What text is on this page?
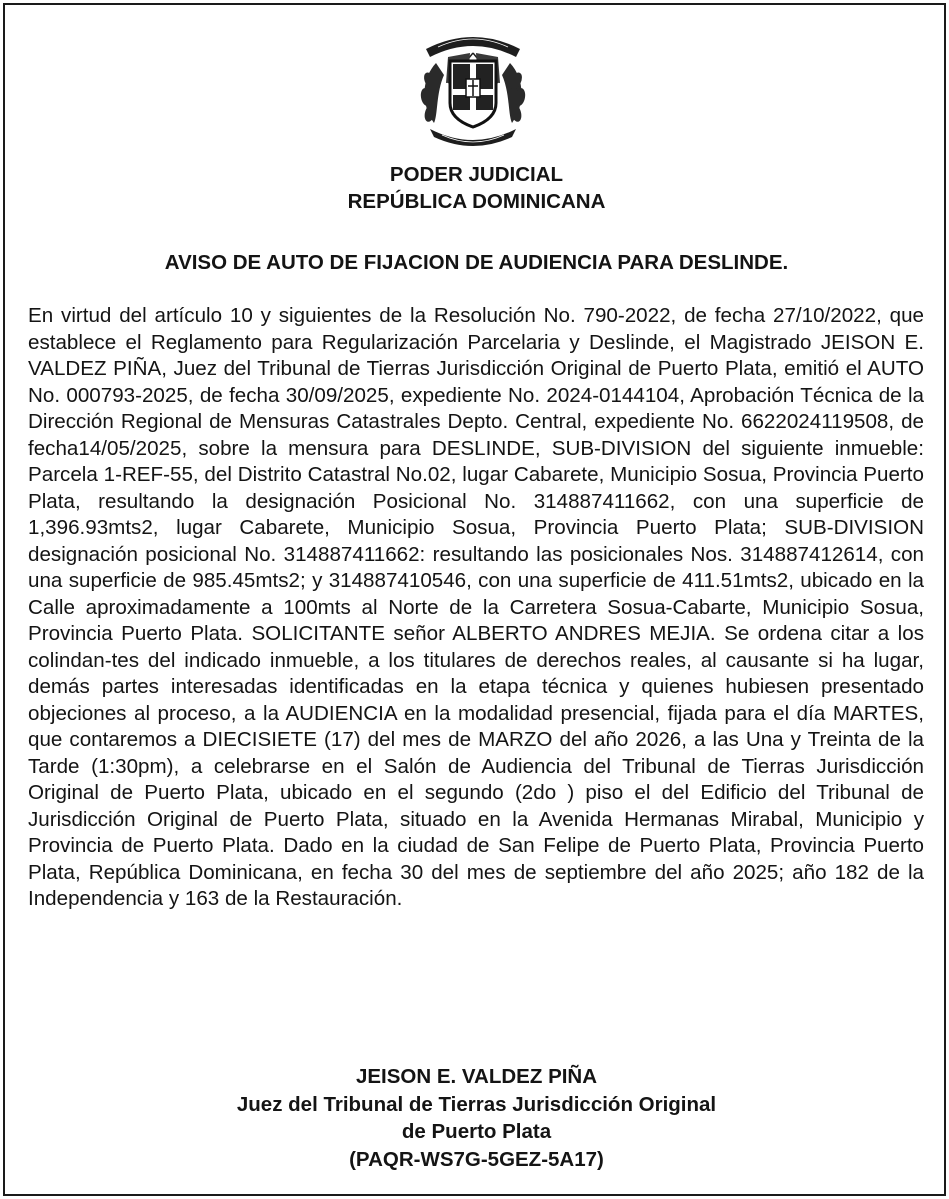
PODER JUDICIAL
REPÚBLICA DOMINICANA
AVISO DE AUTO DE FIJACION DE AUDIENCIA PARA DESLINDE.

En virtud del artículo 10 y siguientes de la Resolución No. 790-2022, de fecha 27/10/2022, que establece el Reglamento para Regularización Parcelaria y Deslinde, el Magistrado JEISON E. VALDEZ PIÑA, Juez del Tribunal de Tierras Jurisdicción Original de Puerto Plata, emitió el AUTO No. 000793-2025, de fecha 30/09/2025, expediente No. 2024-0144104, Aprobación Técnica de la Dirección Regional de Mensuras Catastrales Depto. Central, expediente No. 6622024119508, de fecha14/05/2025, sobre la mensura para DESLINDE, SUB-DIVISION del siguiente inmueble: Parcela 1-REF-55, del Distrito Catastral No.02, lugar Cabarete, Municipio Sosua, Provincia Puerto Plata, resultando la designación Posicional No. 314887411662, con una superficie de 1,396.93mts2, lugar Cabarete, Municipio Sosua, Provincia Puerto Plata; SUB-DIVISION designación posicional No. 314887411662: resultando las posicionales Nos. 314887412614, con una superficie de 985.45mts2; y 314887410546, con una superficie de 411.51mts2, ubicado en la Calle aproximadamente a 100mts al Norte de la Carretera Sosua-Cabarte, Municipio Sosua, Provincia Puerto Plata. SOLICITANTE señor ALBERTO ANDRES MEJIA. Se ordena citar a los colindan-tes del indicado inmueble, a los titulares de derechos reales, al causante si ha lugar, demás partes interesadas identificadas en la etapa técnica y quienes hubiesen presentado objeciones al proceso, a la AUDIENCIA en la modalidad presencial, fijada para el día MARTES, que contaremos a DIECISIETE (17) del mes de MARZO del año 2026, a las Una y Treinta de la Tarde (1:30pm), a celebrarse en el Salón de Audiencia del Tribunal de Tierras Jurisdicción Original de Puerto Plata, ubicado en el segundo (2do ) piso el del Edificio del Tribunal de Jurisdicción Original de Puerto Plata, situado en la Avenida Hermanas Mirabal, Municipio y Provincia de Puerto Plata. Dado en la ciudad de San Felipe de Puerto Plata, Provincia Puerto Plata, República Dominicana, en fecha 30 del mes de septiembre del año 2025; año 182 de la Independencia y 163 de la Restauración.

JEISON E. VALDEZ PIÑA
Juez del Tribunal de Tierras Jurisdicción Original
de Puerto Plata
(PAQR-WS7G-5GEZ-5A17)
